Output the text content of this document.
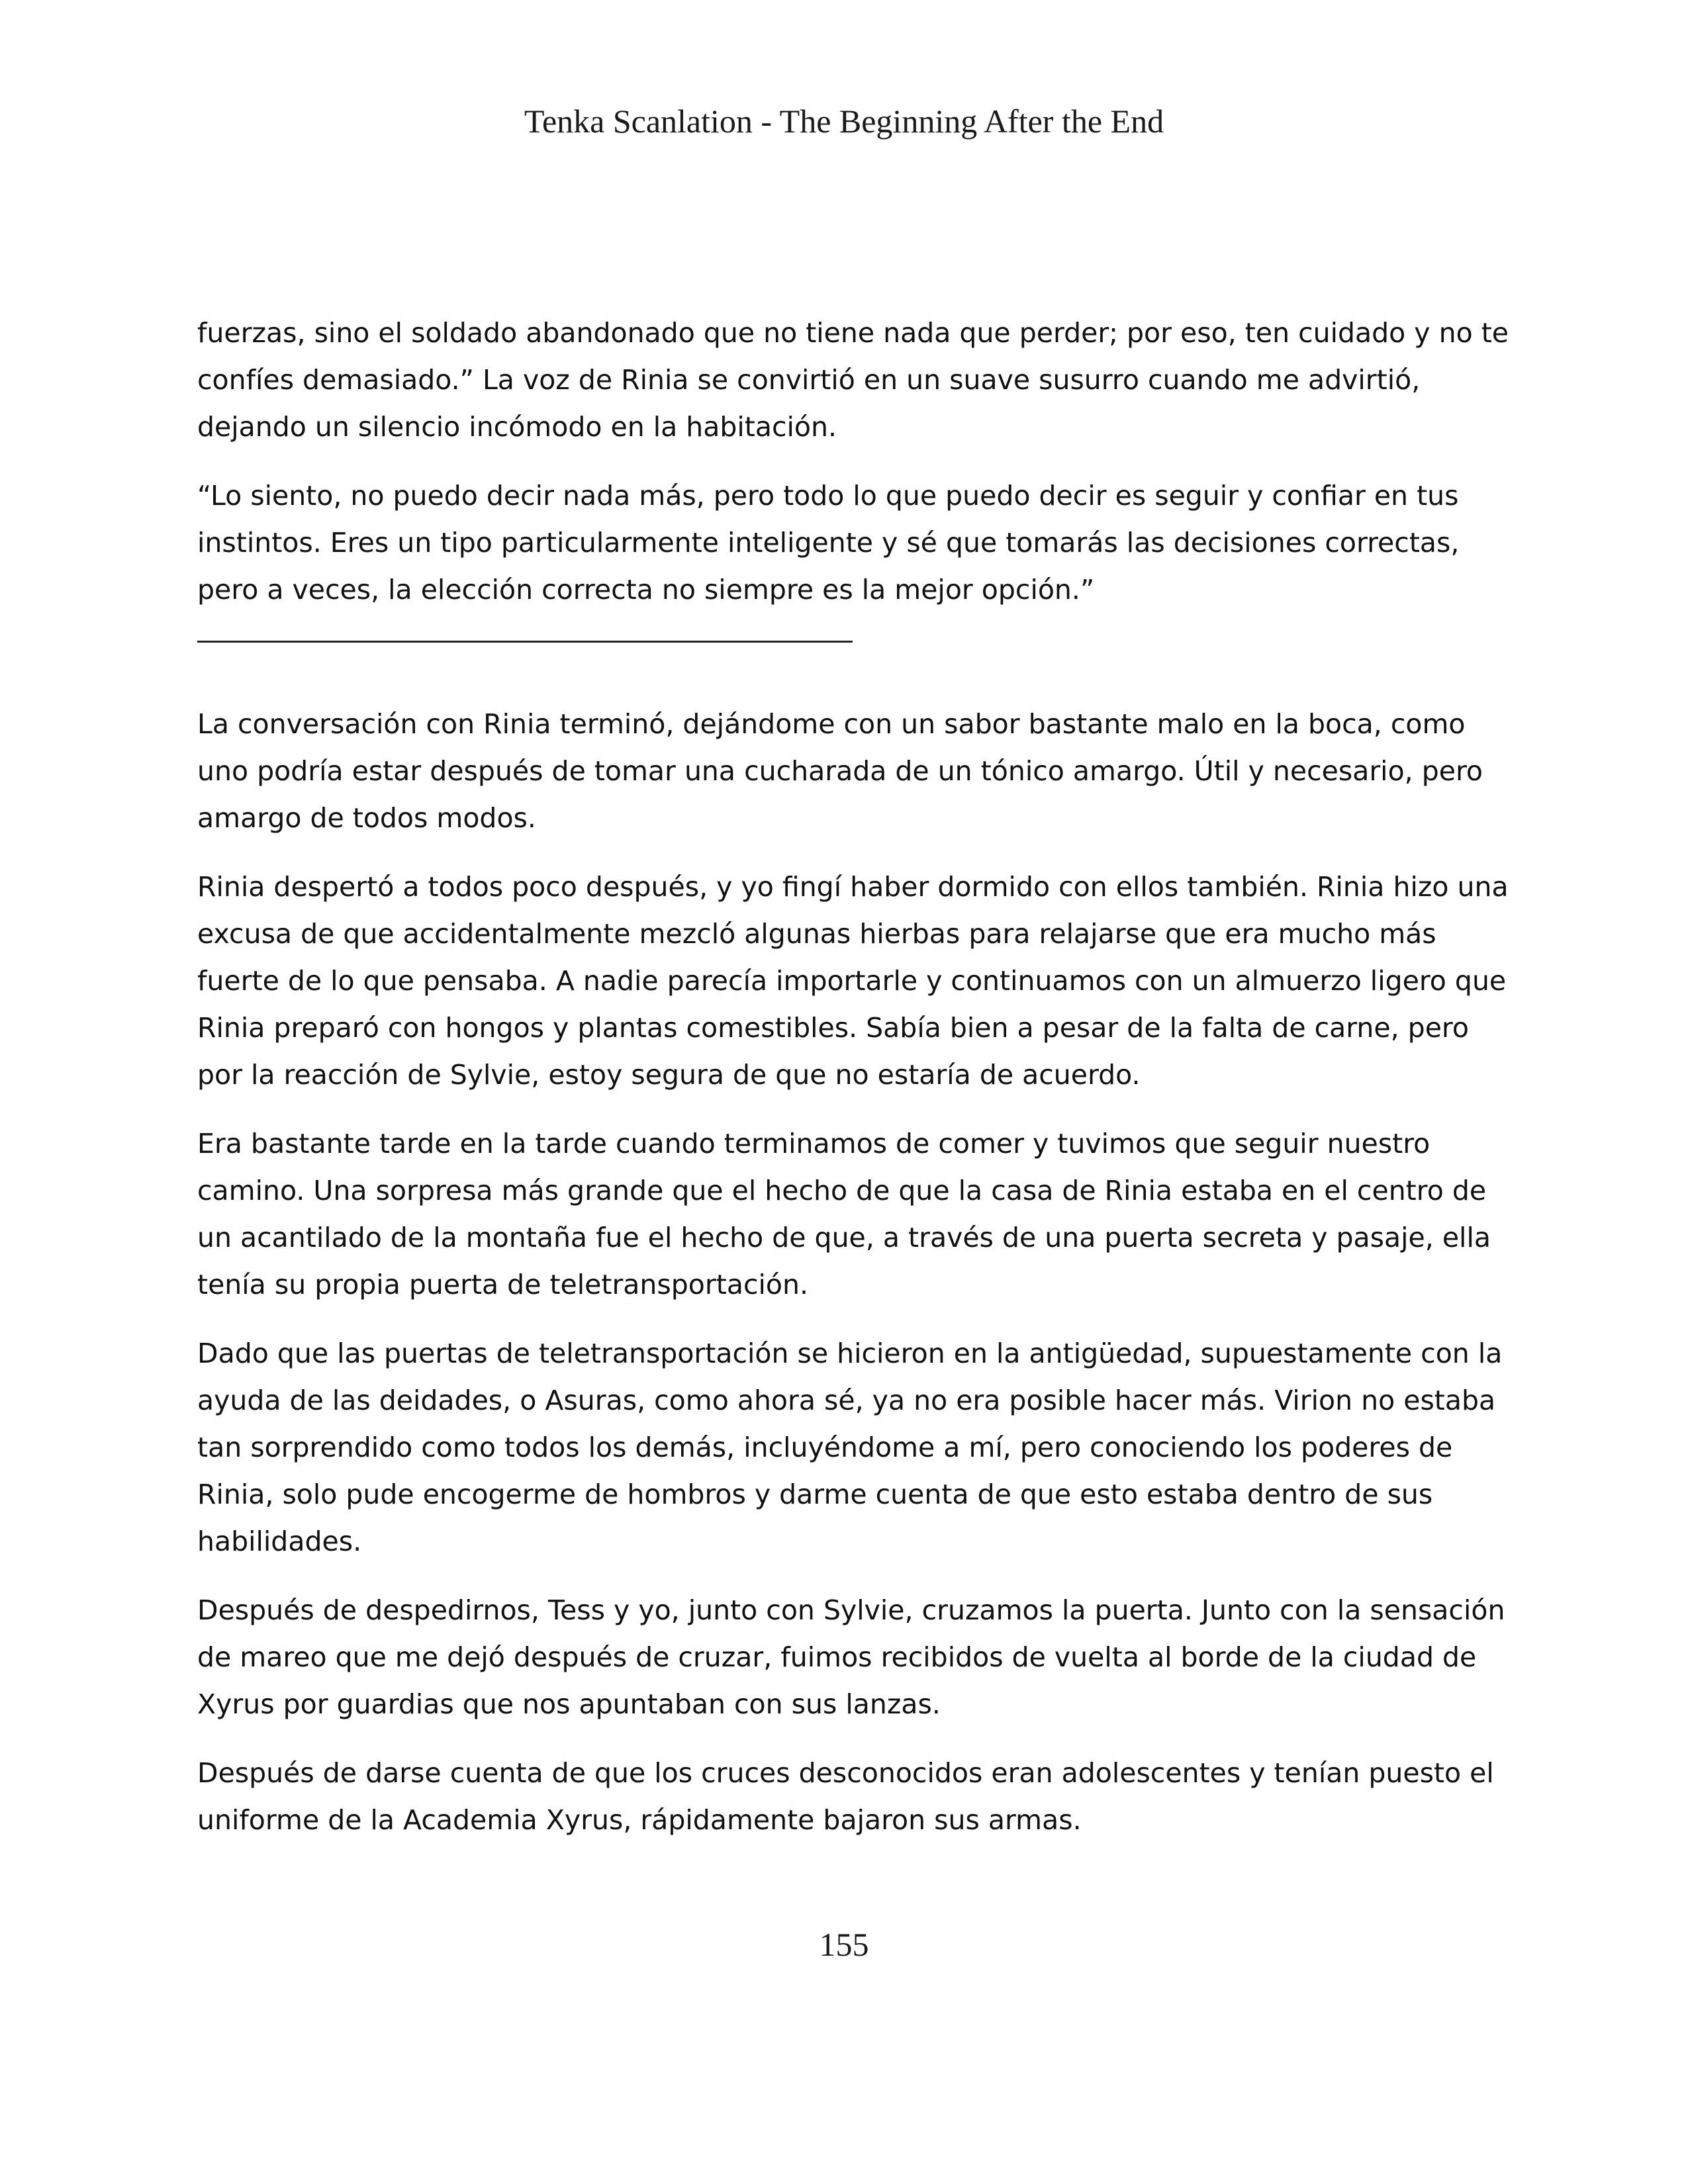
Tenka Scanlation - The Beginning After the End

fuerzas, sino el soldado abandonado que no tiene nada que perder; por eso, ten cuidado y no te confíes demasiado.” La voz de Rinia se convirtió en un suave susurro cuando me advirtió, dejando un silencio incómodo en la habitación.

“Lo siento, no puedo decir nada más, pero todo lo que puedo decir es seguir y confiar en tus instintos. Eres un tipo particularmente inteligente y sé que tomarás las decisiones correctas, pero a veces, la elección correcta no siempre es la mejor opción.”

La conversación con Rinia terminó, dejándome con un sabor bastante malo en la boca, como uno podría estar después de tomar una cucharada de un tónico amargo. Útil y necesario, pero amargo de todos modos.

Rinia despertó a todos poco después, y yo fingí haber dormido con ellos también. Rinia hizo una excusa de que accidentalmente mezcló algunas hierbas para relajarse que era mucho más fuerte de lo que pensaba. A nadie parecía importarle y continuamos con un almuerzo ligero que Rinia preparó con hongos y plantas comestibles. Sabía bien a pesar de la falta de carne, pero por la reacción de Sylvie, estoy segura de que no estaría de acuerdo.

Era bastante tarde en la tarde cuando terminamos de comer y tuvimos que seguir nuestro camino. Una sorpresa más grande que el hecho de que la casa de Rinia estaba en el centro de un acantilado de la montaña fue el hecho de que, a través de una puerta secreta y pasaje, ella tenía su propia puerta de teletransportación.

Dado que las puertas de teletransportación se hicieron en la antigüedad, supuestamente con la ayuda de las deidades, o Asuras, como ahora sé, ya no era posible hacer más. Virion no estaba tan sorprendido como todos los demás, incluyéndome a mí, pero conociendo los poderes de Rinia, solo pude encogerme de hombros y darme cuenta de que esto estaba dentro de sus habilidades.

Después de despedirnos, Tess y yo, junto con Sylvie, cruzamos la puerta. Junto con la sensación de mareo que me dejó después de cruzar, fuimos recibidos de vuelta al borde de la ciudad de Xyrus por guardias que nos apuntaban con sus lanzas.

Después de darse cuenta de que los cruces desconocidos eran adolescentes y tenían puesto el uniforme de la Academia Xyrus, rápidamente bajaron sus armas.

155
